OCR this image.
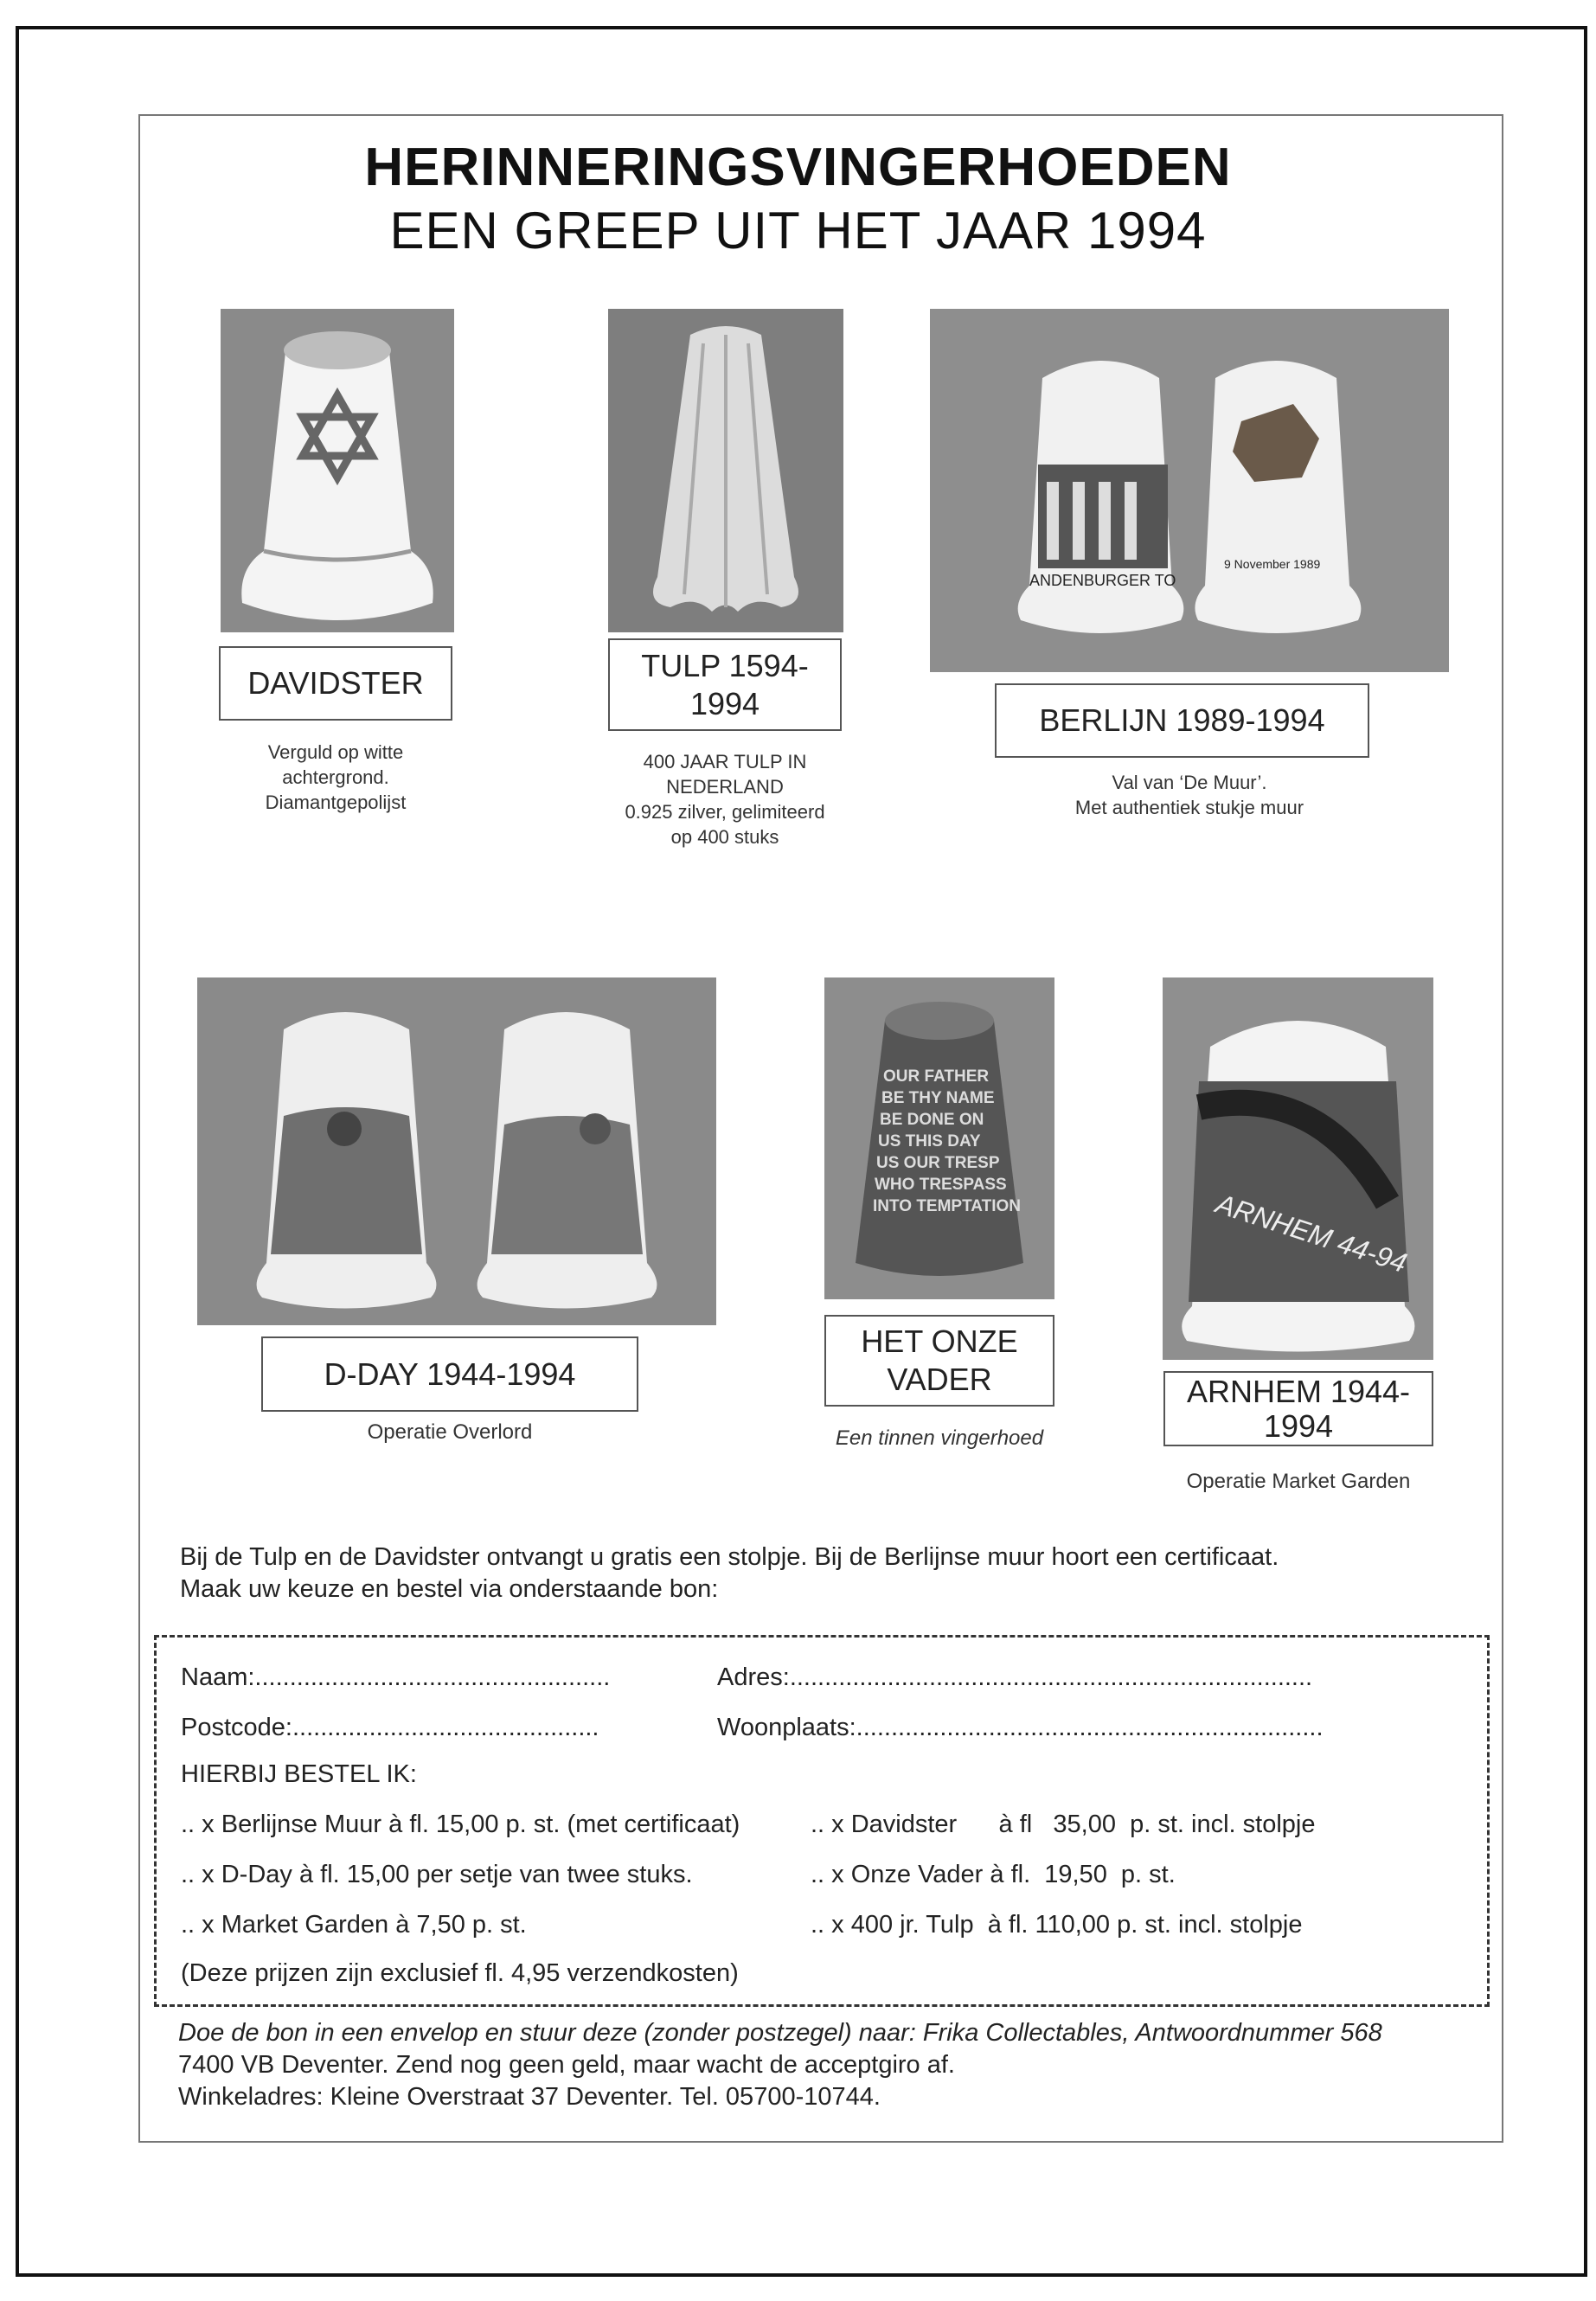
HERINNERINGSVINGERHOEDEN
EEN GREEP UIT HET JAAR 1994
DAVIDSTER
Verguld op witte
achtergrond.
Diamantgepolijst
TULP 1594-
1994
400 JAAR TULP IN
NEDERLAND
0.925 zilver, gelimiteerd
op 400 stuks
ANDENBURGER TO
9 November 1989
BERLIJN 1989-1994
Val van ‘De Muur’.
Met authentiek stukje muur
D-DAY 1944-1994
Operatie Overlord
OUR FATHER
BE THY NAME
BE DONE ON
US THIS DAY
US OUR TRESP
WHO TRESPASS
INTO TEMPTATION
HET ONZE
VADER
Een tinnen vingerhoed
ARNHEM 44-94
ARNHEM 1944-
1994
Operatie Market Garden
Bij de Tulp en de Davidster ontvangt u gratis een stolpje. Bij de Berlijnse muur hoort een certificaat.
Maak uw keuze en bestel via onderstaande bon:
Naam:...................................................	Adres:...........................................................................
Postcode:............................................	Woonplaats:...................................................................
HIERBIJ BESTEL IK:
.. x Berlijnse Muur à fl. 15,00 p. st. (met certificaat)
.. x D-Day à fl. 15,00 per setje van twee stuks.
.. x Market Garden à 7,50 p. st.
.. x Davidster      à fl   35,00  p. st. incl. stolpje
.. x Onze Vader à fl.  19,50  p. st.
.. x 400 jr. Tulp  à fl. 110,00 p. st. incl. stolpje
(Deze prijzen zijn exclusief fl. 4,95 verzendkosten)
Doe de bon in een envelop en stuur deze (zonder postzegel) naar: Frika Collectables, Antwoordnummer 568
7400 VB Deventer. Zend nog geen geld, maar wacht de acceptgiro af.
Winkeladres: Kleine Overstraat 37 Deventer. Tel. 05700-10744.
